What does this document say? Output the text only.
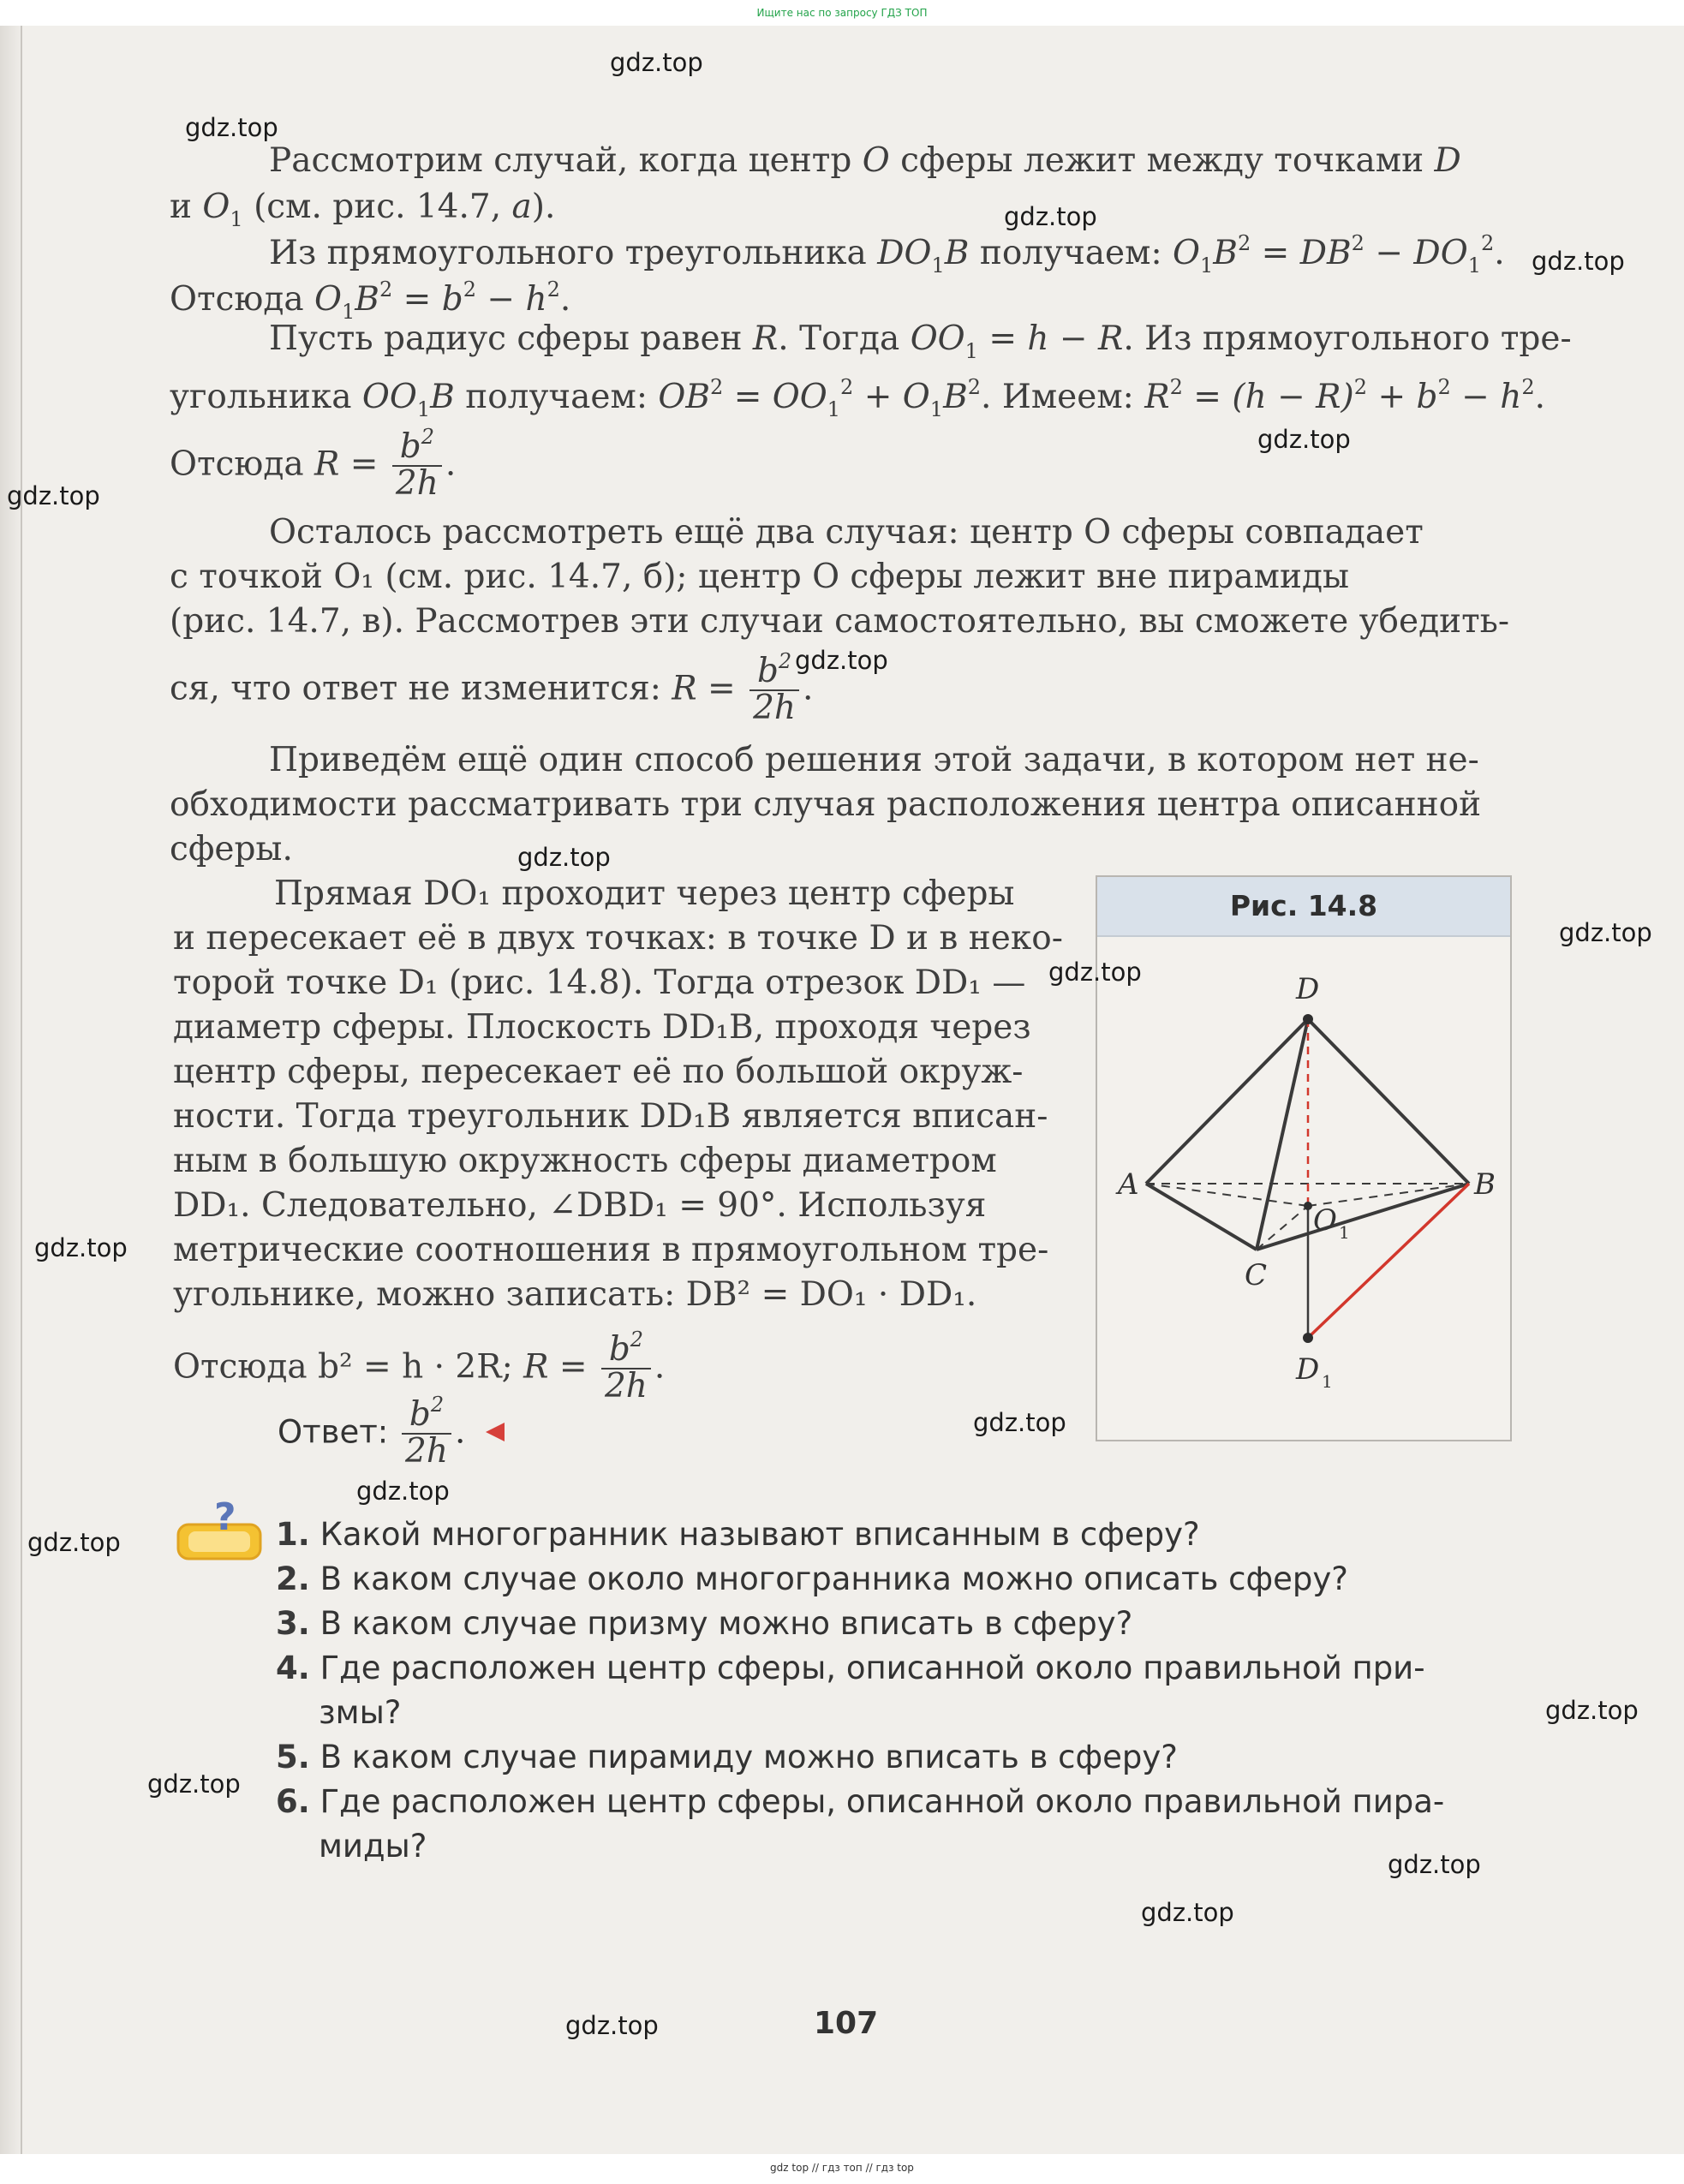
Ищите нас по запросу ГДЗ ТОП
Рассмотрим случай, когда центр O сферы лежит между точками D
и $O_1$ (см. рис. 14.7, а).
Из прямоугольного треугольника $DO_1B$ получаем: $O_1B^2 = DB^2 - DO_1^2$.
Отсюда $O_1B^2 = b^2 - h^2$.
Пусть радиус сферы равен R. Тогда $OO_1 = h - R$. Из прямоугольного тре-
угольника $OO_1B$ получаем: $OB^2 = OO_1^2 + O_1B^2$. Имеем: $R^2 = (h - R)^2 + b^2 - h^2$.
Отсюда $R = \frac{b^2}{2h}$ .
Осталось рассмотреть ещё два случая: центр O сферы совпадает
с точкой O₁ (см. рис. 14.7, б); центр O сферы лежит вне пирамиды
(рис. 14.7, в). Рассмотрев эти случаи самостоятельно, вы сможете убедить-
ся, что ответ не изменится: $R = \frac{b^2}{2h}$ .
Приведём ещё один способ решения этой задачи, в котором нет не-
обходимости рассматривать три случая расположения центра описанной
сферы.
Прямая DO₁ проходит через центр сферы
и пересекает её в двух точках: в точке D и в неко-
торой точке D₁ (рис. 14.8). Тогда отрезок DD₁ —
диаметр сферы. Плоскость DD₁B, проходя через
центр сферы, пересекает её по большой окруж-
ности. Тогда треугольник DD₁B является вписан-
ным в большую окружность сферы диаметром
DD₁. Следовательно, ∠DBD₁ = 90°. Используя
метрические соотношения в прямоугольном тре-
угольнике, можно записать: DB² = DO₁ · DD₁.
Отсюда b² = h · 2R; $R = \frac{b^2}{2h}$ .
Ответ: $\frac{b^2}{2h}$ .
Рис. 14.8
D
A	B
C
O
D
1
1
? 1. Какой многогранник называют вписанным в сферу?
2. В каком случае около многогранника можно описать сферу?
3. В каком случае призму можно вписать в сферу?
4. Где расположен центр сферы, описанной около правильной при-
змы?
5. В каком случае пирамиду можно вписать в сферу?
6. Где расположен центр сферы, описанной около правильной пира-
миды?
107
gdz.top
gdz.top
gdz.top
gdz.top
gdz.top
gdz.top
gdz.top
gdz.top
gdz.top
gdz.top
gdz.top
gdz.top
gdz.top
gdz.top
gdz.top
gdz.top
gdz.top
gdz.top
gdz.top
gdz top // гдз топ // гдз top
